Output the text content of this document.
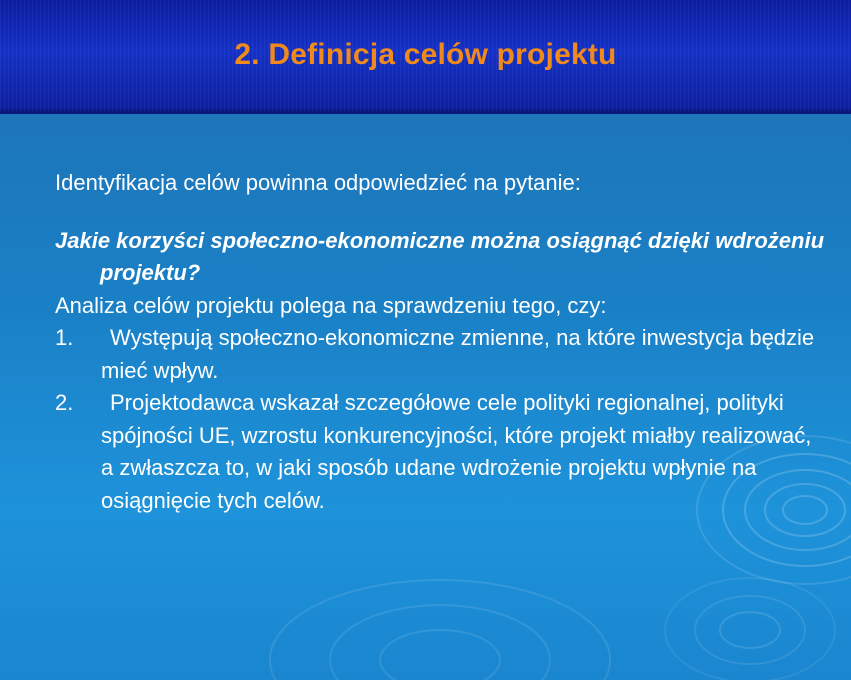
2. Definicja celów projektu

Identyfikacja celów powinna odpowiedzieć na pytanie:

Jakie korzyści społeczno-ekonomiczne można osiągnąć dzięki wdrożeniu projektu?

Analiza celów projektu polega na sprawdzeniu tego, czy:

1. Występują społeczno-ekonomiczne zmienne, na które inwestycja będzie mieć wpływ.
2. Projektodawca wskazał szczegółowe cele polityki regionalnej, polityki spójności UE, wzrostu konkurencyjności, które projekt miałby realizować, a zwłaszcza to, w jaki sposób udane wdrożenie projektu wpłynie na osiągnięcie tych celów.
